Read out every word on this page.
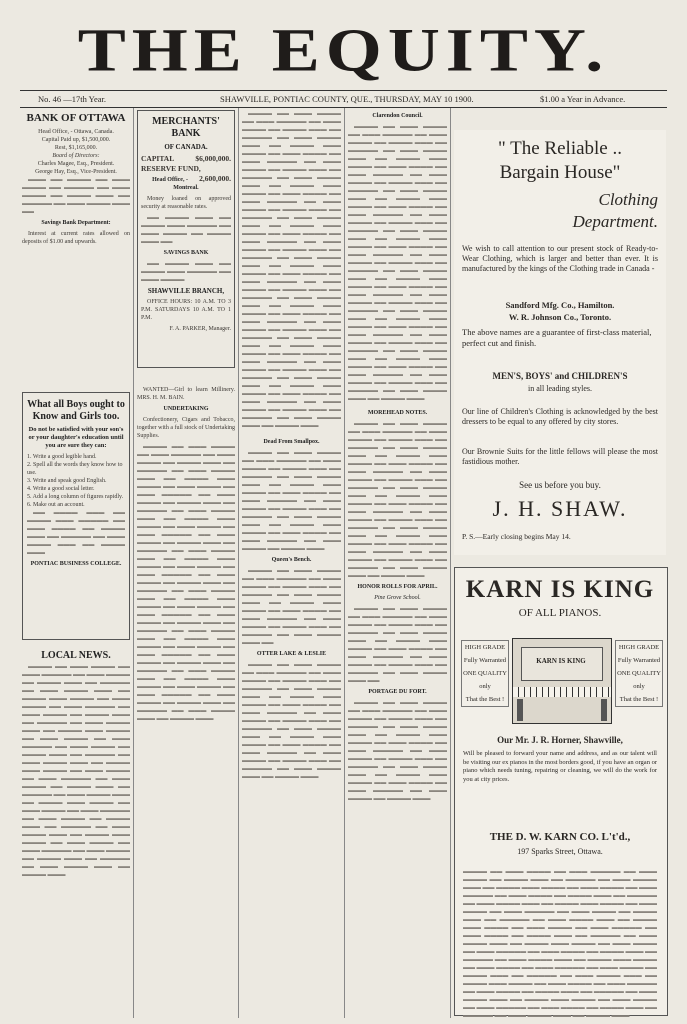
THE EQUITY.
No. 46 —17th Year.	SHAWVILLE, PONTIAC COUNTY, QUE., THURSDAY, MAY 10 1900.	$1.00 a Year in Advance.
BANK OF OTTAWA
Head Office, - Ottawa, Canada.
Capital Paid up, $1,500,000.
Rest, $1,165,000.
Board of Directors:
Charles Magee, Esq., President.
George Hay, Esq., Vice-President.

▬▬▬ ▬▬ ▬▬▬▬ ▬▬ ▬▬▬ ▬▬▬▬ ▬▬ ▬▬▬▬▬ ▬▬ ▬▬▬ ▬▬▬▬ ▬▬ ▬▬▬▬ ▬▬▬ ▬▬ ▬▬▬▬▬ ▬▬ ▬▬▬ ▬▬▬▬ ▬▬▬ ▬▬

Savings Bank Department:

Interest at current rates allowed on deposits of $1.00 and upwards.

What all Boys ought to Know and Girls too.
Do not be satisfied with your son's or your daughter's education until you are sure they can:
1. Write a good legible hand.
2. Spell all the words they know how to use.
3. Write and speak good English.
4. Write a good social letter.
5. Add a long column of figures rapidly.
6. Make out an account.

▬▬ ▬▬▬▬ ▬▬▬ ▬▬ ▬▬▬▬ ▬▬▬ ▬▬▬▬▬ ▬▬ ▬▬▬ ▬▬▬▬ ▬▬ ▬▬▬▬ ▬▬▬ ▬▬ ▬▬▬▬▬ ▬▬ ▬▬▬ ▬▬▬▬ ▬▬▬ ▬▬ ▬▬▬▬ ▬▬▬

PONTIAC BUSINESS COLLEGE.
LOCAL NEWS.

▬▬▬▬ ▬▬ ▬▬▬ ▬▬▬▬ ▬▬ ▬▬▬ ▬▬▬▬▬ ▬▬ ▬▬▬ ▬▬▬▬ ▬▬ ▬▬▬▬ ▬▬▬ ▬▬ ▬▬▬▬▬ ▬▬ ▬▬▬ ▬▬▬▬ ▬▬▬ ▬▬ ▬▬▬▬ ▬▬▬ ▬▬▬▬ ▬▬ ▬▬▬ ▬▬▬▬ ▬▬ ▬▬▬ ▬▬▬▬▬ ▬▬ ▬▬▬ ▬▬▬▬ ▬▬ ▬▬▬▬ ▬▬▬ ▬▬ ▬▬▬▬▬ ▬▬ ▬▬▬ ▬▬▬▬ ▬▬▬ ▬▬ ▬▬▬▬ ▬▬▬ ▬▬▬▬ ▬▬ ▬▬▬ ▬▬▬▬ ▬▬ ▬▬▬ ▬▬▬▬▬ ▬▬ ▬▬▬ ▬▬▬▬ ▬▬ ▬▬▬▬ ▬▬▬ ▬▬ ▬▬▬▬▬ ▬▬ ▬▬▬ ▬▬▬▬ ▬▬▬ ▬▬ ▬▬▬▬ ▬▬▬ ▬▬▬▬ ▬▬ ▬▬▬ ▬▬▬▬ ▬▬ ▬▬▬ ▬▬▬▬▬ ▬▬ ▬▬▬ ▬▬▬▬ ▬▬ ▬▬▬▬ ▬▬▬ ▬▬ ▬▬▬▬▬ ▬▬ ▬▬▬ ▬▬▬▬ ▬▬▬ ▬▬ ▬▬▬▬ ▬▬▬ ▬▬▬▬ ▬▬ ▬▬▬ ▬▬▬▬ ▬▬ ▬▬▬ ▬▬▬▬▬ ▬▬ ▬▬▬ ▬▬▬▬ ▬▬ ▬▬▬▬ ▬▬▬ ▬▬ ▬▬▬▬▬ ▬▬ ▬▬▬ ▬▬▬▬ ▬▬▬ ▬▬ ▬▬▬▬ ▬▬▬ ▬▬▬▬ ▬▬ ▬▬▬ ▬▬▬▬ ▬▬ ▬▬▬ ▬▬▬▬▬ ▬▬ ▬▬▬ ▬▬▬▬ ▬▬ ▬▬▬▬ ▬▬▬ ▬▬ ▬▬▬▬▬ ▬▬ ▬▬▬ ▬▬▬▬ ▬▬▬ ▬▬ ▬▬▬▬ ▬▬▬

MERCHANTS' BANK
OF CANADA.
CAPITAL	$6,000,000.
RESERVE FUND,
2,600,000.
Head Office, - Montreal.

Money loaned on approved security at reasonable rates.

▬▬ ▬▬▬▬ ▬▬▬ ▬▬ ▬▬▬▬ ▬▬▬ ▬▬▬▬▬ ▬▬ ▬▬▬ ▬▬▬▬ ▬▬ ▬▬▬▬ ▬▬▬ ▬▬

SAVINGS BANK

▬▬ ▬▬▬▬ ▬▬▬ ▬▬ ▬▬▬▬ ▬▬▬ ▬▬▬▬▬ ▬▬ ▬▬▬ ▬▬▬▬

SHAWVILLE BRANCH,

OFFICE HOURS: 10 A.M. TO 3 P.M. SATURDAYS 10 A.M. TO 1 P.M.

F. A. PARKER, Manager.

WANTED—Girl to learn Millinery. MRS. H. M. BAIN.

UNDERTAKING

Confectionery, Cigars and Tobacco, together with a full stock of Undertaking Supplies.

▬▬▬▬ ▬▬ ▬▬▬ ▬▬▬▬ ▬▬ ▬▬▬ ▬▬▬▬▬ ▬▬ ▬▬▬ ▬▬▬▬ ▬▬ ▬▬▬▬ ▬▬▬ ▬▬ ▬▬▬▬▬ ▬▬ ▬▬▬ ▬▬▬▬ ▬▬▬ ▬▬ ▬▬▬▬ ▬▬▬ ▬▬▬▬ ▬▬ ▬▬▬ ▬▬▬▬ ▬▬ ▬▬▬ ▬▬▬▬▬ ▬▬ ▬▬▬ ▬▬▬▬ ▬▬ ▬▬▬▬ ▬▬▬ ▬▬ ▬▬▬▬▬ ▬▬ ▬▬▬ ▬▬▬▬ ▬▬▬ ▬▬ ▬▬▬▬ ▬▬▬ ▬▬▬▬ ▬▬ ▬▬▬ ▬▬▬▬ ▬▬ ▬▬▬ ▬▬▬▬▬ ▬▬ ▬▬▬ ▬▬▬▬ ▬▬ ▬▬▬▬ ▬▬▬ ▬▬ ▬▬▬▬▬ ▬▬ ▬▬▬ ▬▬▬▬ ▬▬▬ ▬▬ ▬▬▬▬ ▬▬▬ ▬▬▬▬ ▬▬ ▬▬▬ ▬▬▬▬ ▬▬ ▬▬▬ ▬▬▬▬▬ ▬▬ ▬▬▬ ▬▬▬▬ ▬▬ ▬▬▬▬ ▬▬▬ ▬▬ ▬▬▬▬▬ ▬▬ ▬▬▬ ▬▬▬▬ ▬▬▬ ▬▬ ▬▬▬▬ ▬▬▬ ▬▬▬▬ ▬▬ ▬▬▬ ▬▬▬▬ ▬▬ ▬▬▬ ▬▬▬▬▬ ▬▬ ▬▬▬ ▬▬▬▬ ▬▬ ▬▬▬▬ ▬▬▬ ▬▬ ▬▬▬▬▬ ▬▬ ▬▬▬ ▬▬▬▬ ▬▬▬ ▬▬ ▬▬▬▬ ▬▬▬ ▬▬▬▬ ▬▬ ▬▬▬ ▬▬▬▬ ▬▬ ▬▬▬ ▬▬▬▬▬ ▬▬ ▬▬▬ ▬▬▬▬ ▬▬ ▬▬▬▬ ▬▬▬ ▬▬ ▬▬▬▬▬ ▬▬ ▬▬▬ ▬▬▬▬ ▬▬▬ ▬▬ ▬▬▬▬ ▬▬▬ ▬▬▬▬ ▬▬ ▬▬▬ ▬▬▬▬ ▬▬ ▬▬▬ ▬▬▬▬▬ ▬▬ ▬▬▬ ▬▬▬▬ ▬▬ ▬▬▬▬ ▬▬▬ ▬▬ ▬▬▬▬▬ ▬▬ ▬▬▬ ▬▬▬▬ ▬▬▬ ▬▬ ▬▬▬▬ ▬▬▬

▬▬▬▬ ▬▬ ▬▬▬ ▬▬▬▬ ▬▬ ▬▬▬ ▬▬▬▬▬ ▬▬ ▬▬▬ ▬▬▬▬ ▬▬ ▬▬▬▬ ▬▬▬ ▬▬ ▬▬▬▬▬ ▬▬ ▬▬▬ ▬▬▬▬ ▬▬▬ ▬▬ ▬▬▬▬ ▬▬▬ ▬▬▬▬ ▬▬ ▬▬▬ ▬▬▬▬ ▬▬ ▬▬▬ ▬▬▬▬▬ ▬▬ ▬▬▬ ▬▬▬▬ ▬▬ ▬▬▬▬ ▬▬▬ ▬▬ ▬▬▬▬▬ ▬▬ ▬▬▬ ▬▬▬▬ ▬▬▬ ▬▬ ▬▬▬▬ ▬▬▬ ▬▬▬▬ ▬▬ ▬▬▬ ▬▬▬▬ ▬▬ ▬▬▬ ▬▬▬▬▬ ▬▬ ▬▬▬ ▬▬▬▬ ▬▬ ▬▬▬▬ ▬▬▬ ▬▬ ▬▬▬▬▬ ▬▬ ▬▬▬ ▬▬▬▬ ▬▬▬ ▬▬ ▬▬▬▬ ▬▬▬ ▬▬▬▬ ▬▬ ▬▬▬ ▬▬▬▬ ▬▬ ▬▬▬ ▬▬▬▬▬ ▬▬ ▬▬▬ ▬▬▬▬ ▬▬ ▬▬▬▬ ▬▬▬ ▬▬ ▬▬▬▬▬ ▬▬ ▬▬▬ ▬▬▬▬ ▬▬▬ ▬▬ ▬▬▬▬ ▬▬▬ ▬▬▬▬ ▬▬ ▬▬▬ ▬▬▬▬ ▬▬ ▬▬▬ ▬▬▬▬▬ ▬▬ ▬▬▬ ▬▬▬▬ ▬▬ ▬▬▬▬ ▬▬▬ ▬▬ ▬▬▬▬▬ ▬▬ ▬▬▬ ▬▬▬▬ ▬▬▬ ▬▬ ▬▬▬▬ ▬▬▬ ▬▬▬▬ ▬▬ ▬▬▬ ▬▬▬▬ ▬▬ ▬▬▬ ▬▬▬▬▬ ▬▬ ▬▬▬ ▬▬▬▬ ▬▬ ▬▬▬▬ ▬▬▬ ▬▬ ▬▬▬▬▬ ▬▬ ▬▬▬ ▬▬▬▬ ▬▬▬ ▬▬ ▬▬▬▬ ▬▬▬ ▬▬▬▬ ▬▬ ▬▬▬ ▬▬▬▬ ▬▬ ▬▬▬ ▬▬▬▬▬ ▬▬ ▬▬▬ ▬▬▬▬ ▬▬ ▬▬▬▬ ▬▬▬ ▬▬ ▬▬▬▬▬ ▬▬ ▬▬▬ ▬▬▬▬ ▬▬▬ ▬▬ ▬▬▬▬ ▬▬▬ ▬▬▬▬ ▬▬ ▬▬▬ ▬▬▬▬ ▬▬ ▬▬▬ ▬▬▬▬▬ ▬▬ ▬▬▬ ▬▬▬▬ ▬▬ ▬▬▬▬ ▬▬▬ ▬▬ ▬▬▬▬▬ ▬▬ ▬▬▬ ▬▬▬▬ ▬▬▬ ▬▬ ▬▬▬▬ ▬▬▬

Dead From Smallpox.

▬▬▬▬ ▬▬ ▬▬▬ ▬▬▬▬ ▬▬ ▬▬▬ ▬▬▬▬▬ ▬▬ ▬▬▬ ▬▬▬▬ ▬▬ ▬▬▬▬ ▬▬▬ ▬▬ ▬▬▬▬▬ ▬▬ ▬▬▬ ▬▬▬▬ ▬▬▬ ▬▬ ▬▬▬▬ ▬▬▬ ▬▬▬▬ ▬▬ ▬▬▬ ▬▬▬▬ ▬▬ ▬▬▬ ▬▬▬▬▬ ▬▬ ▬▬▬ ▬▬▬▬ ▬▬ ▬▬▬▬ ▬▬▬ ▬▬ ▬▬▬▬▬ ▬▬ ▬▬▬ ▬▬▬▬ ▬▬▬ ▬▬ ▬▬▬▬ ▬▬▬ ▬▬▬▬ ▬▬ ▬▬▬ ▬▬▬▬ ▬▬ ▬▬▬ ▬▬▬▬▬ ▬▬ ▬▬▬ ▬▬▬▬ ▬▬ ▬▬▬▬ ▬▬▬

Queen's Bench.

▬▬▬▬ ▬▬ ▬▬▬ ▬▬▬▬ ▬▬ ▬▬▬ ▬▬▬▬▬ ▬▬ ▬▬▬ ▬▬▬▬ ▬▬ ▬▬▬▬ ▬▬▬ ▬▬ ▬▬▬▬▬ ▬▬ ▬▬▬ ▬▬▬▬ ▬▬▬ ▬▬ ▬▬▬▬ ▬▬▬ ▬▬▬▬ ▬▬ ▬▬▬ ▬▬▬▬ ▬▬ ▬▬▬ ▬▬▬▬▬ ▬▬ ▬▬▬ ▬▬▬▬ ▬▬ ▬▬▬▬ ▬▬▬ ▬▬ ▬▬▬▬▬ ▬▬ ▬▬▬ ▬▬▬▬ ▬▬▬ ▬▬

OTTER LAKE & LESLIE

▬▬▬▬ ▬▬ ▬▬▬ ▬▬▬▬ ▬▬ ▬▬▬ ▬▬▬▬▬ ▬▬ ▬▬▬ ▬▬▬▬ ▬▬ ▬▬▬▬ ▬▬▬ ▬▬ ▬▬▬▬▬ ▬▬ ▬▬▬ ▬▬▬▬ ▬▬▬ ▬▬ ▬▬▬▬ ▬▬▬ ▬▬▬▬ ▬▬ ▬▬▬ ▬▬▬▬ ▬▬ ▬▬▬ ▬▬▬▬▬ ▬▬ ▬▬▬ ▬▬▬▬ ▬▬ ▬▬▬▬ ▬▬▬ ▬▬ ▬▬▬▬▬ ▬▬ ▬▬▬ ▬▬▬▬ ▬▬▬ ▬▬ ▬▬▬▬ ▬▬▬ ▬▬▬▬ ▬▬ ▬▬▬ ▬▬▬▬ ▬▬ ▬▬▬ ▬▬▬▬▬ ▬▬ ▬▬▬ ▬▬▬▬ ▬▬ ▬▬▬▬ ▬▬▬ ▬▬ ▬▬▬▬▬ ▬▬ ▬▬▬ ▬▬▬▬ ▬▬▬ ▬▬ ▬▬▬▬ ▬▬▬

Clarendon Council.

▬▬▬▬ ▬▬ ▬▬▬ ▬▬▬▬ ▬▬ ▬▬▬ ▬▬▬▬▬ ▬▬ ▬▬▬ ▬▬▬▬ ▬▬ ▬▬▬▬ ▬▬▬ ▬▬ ▬▬▬▬▬ ▬▬ ▬▬▬ ▬▬▬▬ ▬▬▬ ▬▬ ▬▬▬▬ ▬▬▬ ▬▬▬▬ ▬▬ ▬▬▬ ▬▬▬▬ ▬▬ ▬▬▬ ▬▬▬▬▬ ▬▬ ▬▬▬ ▬▬▬▬ ▬▬ ▬▬▬▬ ▬▬▬ ▬▬ ▬▬▬▬▬ ▬▬ ▬▬▬ ▬▬▬▬ ▬▬▬ ▬▬ ▬▬▬▬ ▬▬▬ ▬▬▬▬ ▬▬ ▬▬▬ ▬▬▬▬ ▬▬ ▬▬▬ ▬▬▬▬▬ ▬▬ ▬▬▬ ▬▬▬▬ ▬▬ ▬▬▬▬ ▬▬▬ ▬▬ ▬▬▬▬▬ ▬▬ ▬▬▬ ▬▬▬▬ ▬▬▬ ▬▬ ▬▬▬▬ ▬▬▬ ▬▬▬▬ ▬▬ ▬▬▬ ▬▬▬▬ ▬▬ ▬▬▬ ▬▬▬▬▬ ▬▬ ▬▬▬ ▬▬▬▬ ▬▬ ▬▬▬▬ ▬▬▬ ▬▬ ▬▬▬▬▬ ▬▬ ▬▬▬ ▬▬▬▬ ▬▬▬ ▬▬ ▬▬▬▬ ▬▬▬ ▬▬▬▬ ▬▬ ▬▬▬ ▬▬▬▬ ▬▬ ▬▬▬ ▬▬▬▬▬ ▬▬ ▬▬▬ ▬▬▬▬ ▬▬ ▬▬▬▬ ▬▬▬ ▬▬ ▬▬▬▬▬ ▬▬ ▬▬▬ ▬▬▬▬ ▬▬▬ ▬▬ ▬▬▬▬ ▬▬▬ ▬▬▬▬ ▬▬ ▬▬▬ ▬▬▬▬ ▬▬ ▬▬▬ ▬▬▬▬▬ ▬▬ ▬▬▬ ▬▬▬▬ ▬▬ ▬▬▬▬ ▬▬▬ ▬▬ ▬▬▬▬▬ ▬▬ ▬▬▬ ▬▬▬▬ ▬▬▬ ▬▬ ▬▬▬▬ ▬▬▬ ▬▬▬▬ ▬▬ ▬▬▬ ▬▬▬▬ ▬▬ ▬▬▬ ▬▬▬▬▬ ▬▬ ▬▬▬ ▬▬▬▬ ▬▬ ▬▬▬▬ ▬▬▬ ▬▬ ▬▬▬▬▬ ▬▬ ▬▬▬ ▬▬▬▬ ▬▬▬ ▬▬ ▬▬▬▬ ▬▬▬

MOREHEAD NOTES.

▬▬▬▬ ▬▬ ▬▬▬ ▬▬▬▬ ▬▬ ▬▬▬ ▬▬▬▬▬ ▬▬ ▬▬▬ ▬▬▬▬ ▬▬ ▬▬▬▬ ▬▬▬ ▬▬ ▬▬▬▬▬ ▬▬ ▬▬▬ ▬▬▬▬ ▬▬▬ ▬▬ ▬▬▬▬ ▬▬▬ ▬▬▬▬ ▬▬ ▬▬▬ ▬▬▬▬ ▬▬ ▬▬▬ ▬▬▬▬▬ ▬▬ ▬▬▬ ▬▬▬▬ ▬▬ ▬▬▬▬ ▬▬▬ ▬▬ ▬▬▬▬▬ ▬▬ ▬▬▬ ▬▬▬▬ ▬▬▬ ▬▬ ▬▬▬▬ ▬▬▬ ▬▬▬▬ ▬▬ ▬▬▬ ▬▬▬▬ ▬▬ ▬▬▬ ▬▬▬▬▬ ▬▬ ▬▬▬ ▬▬▬▬ ▬▬ ▬▬▬▬ ▬▬▬ ▬▬ ▬▬▬▬▬ ▬▬ ▬▬▬ ▬▬▬▬ ▬▬▬ ▬▬ ▬▬▬▬ ▬▬▬ ▬▬▬▬ ▬▬ ▬▬▬ ▬▬▬▬ ▬▬ ▬▬▬ ▬▬▬▬▬ ▬▬ ▬▬▬ ▬▬▬▬ ▬▬ ▬▬▬▬ ▬▬▬ ▬▬ ▬▬▬▬▬ ▬▬ ▬▬▬ ▬▬▬▬ ▬▬▬ ▬▬ ▬▬▬▬ ▬▬▬

HONOR ROLLS FOR APRIL.
Pine Grove School.

▬▬▬▬ ▬▬ ▬▬▬ ▬▬▬▬ ▬▬ ▬▬▬ ▬▬▬▬▬ ▬▬ ▬▬▬ ▬▬▬▬ ▬▬ ▬▬▬▬ ▬▬▬ ▬▬ ▬▬▬▬▬ ▬▬ ▬▬▬ ▬▬▬▬ ▬▬▬ ▬▬ ▬▬▬▬ ▬▬▬ ▬▬▬▬ ▬▬ ▬▬▬ ▬▬▬▬ ▬▬ ▬▬▬ ▬▬▬▬▬ ▬▬ ▬▬▬ ▬▬▬▬ ▬▬ ▬▬▬▬ ▬▬▬ ▬▬ ▬▬▬▬▬ ▬▬ ▬▬▬ ▬▬▬▬ ▬▬▬ ▬▬

PORTAGE DU FORT.

▬▬▬▬ ▬▬ ▬▬▬ ▬▬▬▬ ▬▬ ▬▬▬ ▬▬▬▬▬ ▬▬ ▬▬▬ ▬▬▬▬ ▬▬ ▬▬▬▬ ▬▬▬ ▬▬ ▬▬▬▬▬ ▬▬ ▬▬▬ ▬▬▬▬ ▬▬▬ ▬▬ ▬▬▬▬ ▬▬▬ ▬▬▬▬ ▬▬ ▬▬▬ ▬▬▬▬ ▬▬ ▬▬▬ ▬▬▬▬▬ ▬▬ ▬▬▬ ▬▬▬▬ ▬▬ ▬▬▬▬ ▬▬▬ ▬▬ ▬▬▬▬▬ ▬▬ ▬▬▬ ▬▬▬▬ ▬▬▬ ▬▬ ▬▬▬▬ ▬▬▬ ▬▬▬▬ ▬▬ ▬▬▬ ▬▬▬▬ ▬▬ ▬▬▬ ▬▬▬▬▬ ▬▬ ▬▬▬ ▬▬▬▬ ▬▬ ▬▬▬▬ ▬▬▬

" The Reliable ..
Bargain House"
Clothing
Department.
We wish to call attention to our present stock of Ready-to-Wear Clothing, which is larger and better than ever. It is manufactured by the kings of the Clothing trade in Canada -
Sandford Mfg. Co., Hamilton.
W. R. Johnson Co., Toronto.
The above names are a guarantee of first-class material, perfect cut and finish.
MEN'S, BOYS' and CHILDREN'S
in all leading styles.
Our line of Children's Clothing is acknowledged by the best dressers to be equal to any offered by city stores.
Our Brownie Suits for the little fellows will please the most fastidious mother.
See us before you buy.
J. H. SHAW.
P. S.—Early closing begins May 14.
KARN IS KING
OF ALL PIANOS.
HIGH GRADE
Fully Warranted
ONE QUALITY
only
That the Best !
KARN IS KING
HIGH GRADE
Fully Warranted
ONE QUALITY
only
That the Best !
Our Mr. J. R. Horner, Shawville,
Will be pleased to forward your name and address, and as our talent will be visiting our ex pianos in the most borders good, if you have an organ or piano which needs tuning, repairing or cleaning, we will do the work for you at city prices.
THE D. W. KARN CO. L't'd.,
197 Sparks Street, Ottawa.
▬▬▬▬ ▬▬ ▬▬▬ ▬▬▬▬ ▬▬ ▬▬▬ ▬▬▬▬▬ ▬▬ ▬▬▬ ▬▬▬▬ ▬▬ ▬▬▬▬ ▬▬▬ ▬▬ ▬▬▬▬▬ ▬▬ ▬▬▬ ▬▬▬▬ ▬▬▬ ▬▬ ▬▬▬▬ ▬▬▬ ▬▬▬▬ ▬▬ ▬▬▬ ▬▬▬▬ ▬▬ ▬▬▬ ▬▬▬▬▬ ▬▬ ▬▬▬ ▬▬▬▬ ▬▬ ▬▬▬▬ ▬▬▬ ▬▬ ▬▬▬▬▬ ▬▬ ▬▬▬ ▬▬▬▬ ▬▬▬ ▬▬ ▬▬▬▬ ▬▬▬ ▬▬▬▬ ▬▬ ▬▬▬ ▬▬▬▬ ▬▬ ▬▬▬ ▬▬▬▬▬ ▬▬ ▬▬▬ ▬▬▬▬ ▬▬ ▬▬▬▬ ▬▬▬ ▬▬ ▬▬▬▬▬ ▬▬ ▬▬▬ ▬▬▬▬ ▬▬▬ ▬▬ ▬▬▬▬ ▬▬▬ ▬▬▬▬ ▬▬ ▬▬▬ ▬▬▬▬ ▬▬ ▬▬▬ ▬▬▬▬▬ ▬▬ ▬▬▬ ▬▬▬▬ ▬▬ ▬▬▬▬ ▬▬▬ ▬▬ ▬▬▬▬▬ ▬▬ ▬▬▬ ▬▬▬▬ ▬▬▬ ▬▬ ▬▬▬▬ ▬▬▬ ▬▬▬▬ ▬▬ ▬▬▬ ▬▬▬▬ ▬▬ ▬▬▬ ▬▬▬▬▬ ▬▬ ▬▬▬ ▬▬▬▬ ▬▬ ▬▬▬▬ ▬▬▬ ▬▬ ▬▬▬▬▬ ▬▬ ▬▬▬ ▬▬▬▬ ▬▬▬ ▬▬ ▬▬▬▬ ▬▬▬ ▬▬▬▬ ▬▬ ▬▬▬ ▬▬▬▬ ▬▬ ▬▬▬ ▬▬▬▬▬ ▬▬ ▬▬▬ ▬▬▬▬ ▬▬ ▬▬▬▬ ▬▬▬ ▬▬ ▬▬▬▬▬ ▬▬ ▬▬▬ ▬▬▬▬ ▬▬▬ ▬▬ ▬▬▬▬ ▬▬▬ ▬▬▬▬ ▬▬ ▬▬▬ ▬▬▬▬ ▬▬ ▬▬▬ ▬▬▬▬▬ ▬▬ ▬▬▬ ▬▬▬▬ ▬▬ ▬▬▬▬ ▬▬▬ ▬▬ ▬▬▬▬▬ ▬▬ ▬▬▬ ▬▬▬▬ ▬▬▬ ▬▬ ▬▬▬▬ ▬▬▬ ▬▬▬▬ ▬▬ ▬▬▬ ▬▬▬▬ ▬▬ ▬▬▬ ▬▬▬▬▬ ▬▬ ▬▬▬ ▬▬▬▬ ▬▬ ▬▬▬▬ ▬▬▬ ▬▬ ▬▬▬▬▬ ▬▬ ▬▬▬ ▬▬▬▬ ▬▬▬ ▬▬ ▬▬▬▬ ▬▬▬
